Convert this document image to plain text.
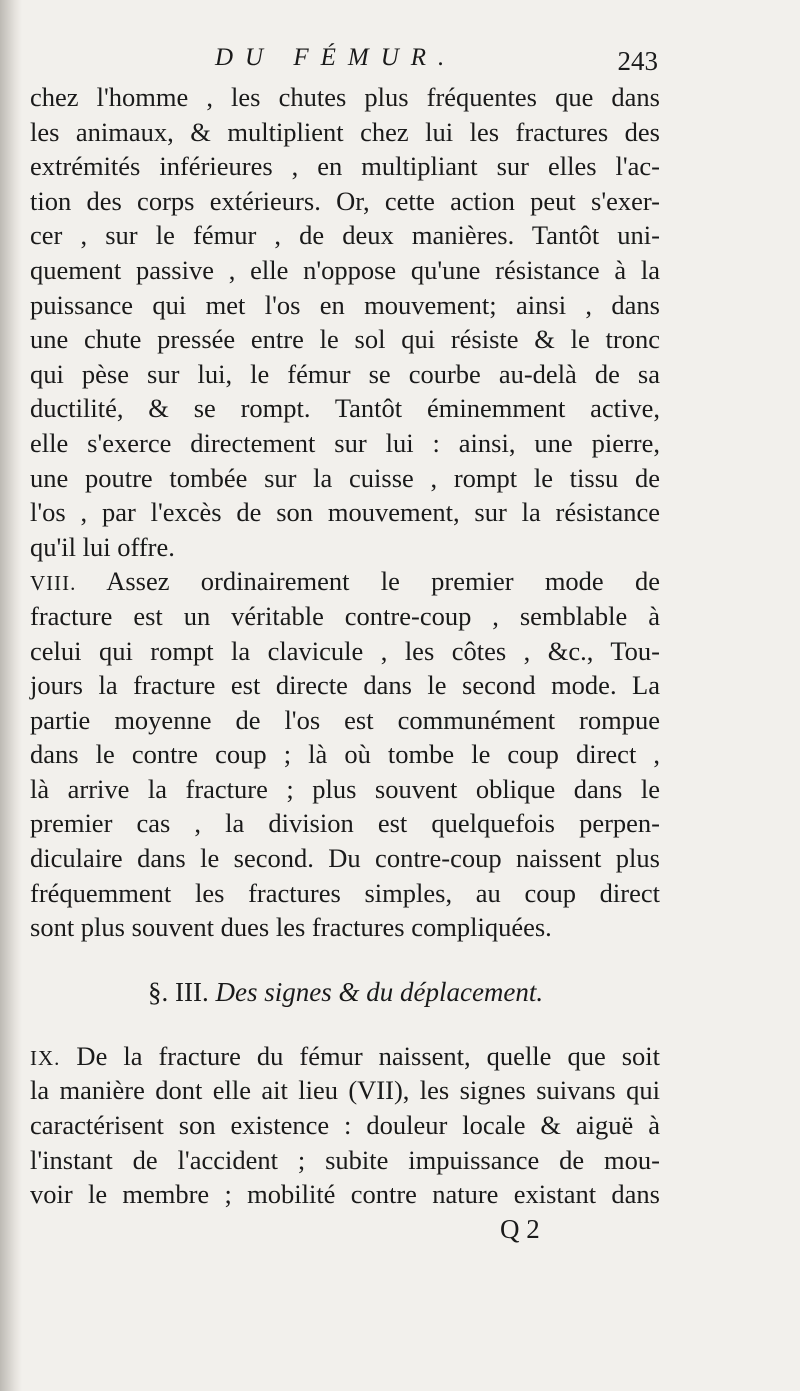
DU FÉMUR.	243
chez l'homme , les chutes plus fréquentes que dans
les animaux, & multiplient chez lui les fractures des
extrémités inférieures , en multipliant sur elles l'ac-
tion des corps extérieurs. Or, cette action peut s'exer-
cer , sur le fémur , de deux manières. Tantôt uni-
quement passive , elle n'oppose qu'une résistance à la
puissance qui met l'os en mouvement; ainsi , dans
une chute pressée entre le sol qui résiste & le tronc
qui pèse sur lui, le fémur se courbe au-delà de sa
ductilité, & se rompt. Tantôt éminemment active,
elle s'exerce directement sur lui : ainsi, une pierre,
une poutre tombée sur la cuisse , rompt le tissu de
l'os , par l'excès de son mouvement, sur la résistance
qu'il lui offre.
VIII. Assez ordinairement le premier mode de
fracture est un véritable contre-coup , semblable à
celui qui rompt la clavicule , les côtes , &c., Tou-
jours la fracture est directe dans le second mode. La
partie moyenne de l'os est communément rompue
dans le contre coup ; là où tombe le coup direct ,
là arrive la fracture ; plus souvent oblique dans le
premier cas , la division est quelquefois perpen-
diculaire dans le second. Du contre-coup naissent plus
fréquemment les fractures simples, au coup direct
sont plus souvent dues les fractures compliquées.
§. III. Des signes & du déplacement.
IX. De la fracture du fémur naissent, quelle que soit
la manière dont elle ait lieu (VII), les signes suivans qui
caractérisent son existence : douleur locale & aiguë à
l'instant de l'accident ; subite impuissance de mou-
voir le membre ; mobilité contre nature existant dans
Q 2
